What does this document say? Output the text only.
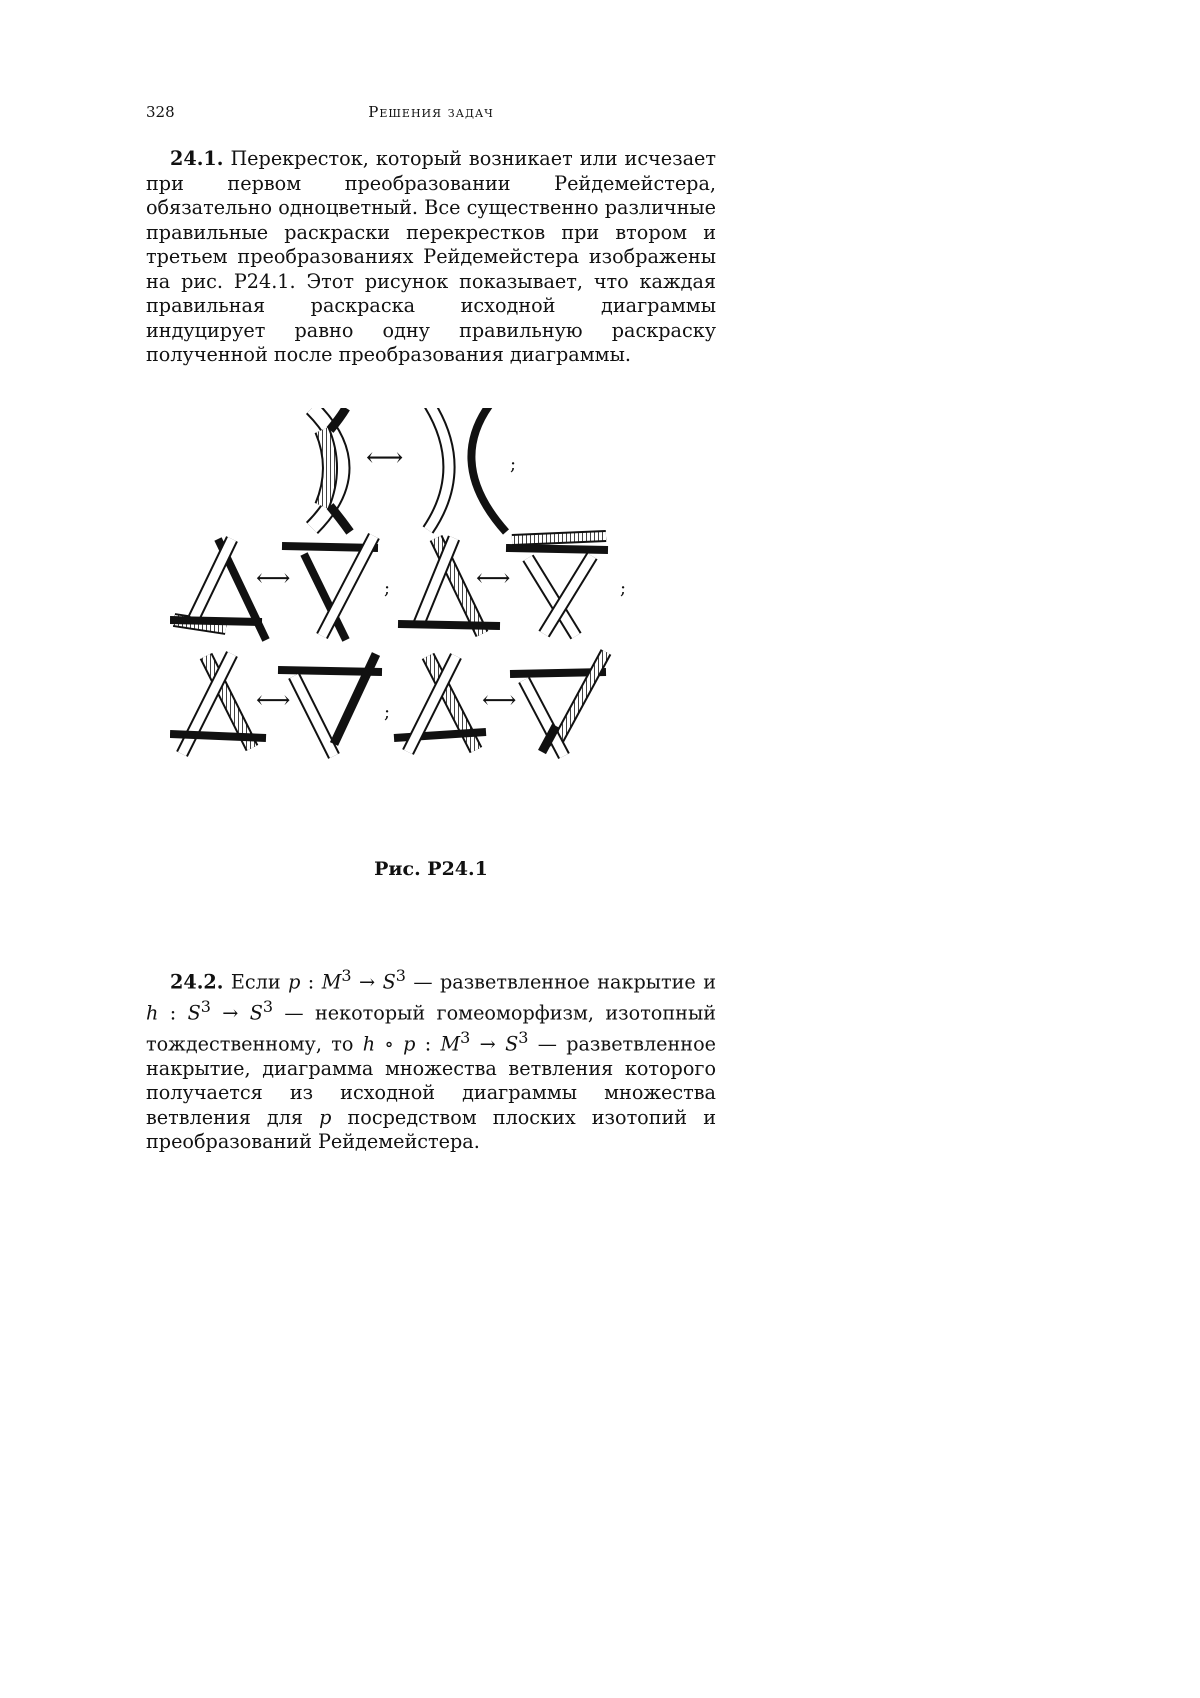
328	Решения задач

24.1. Перекресток, который возникает или исчезает при первом преобразовании Рейдемейстера, обязательно одноцветный. Все существенно различные правильные раскраски перекрестков при втором и третьем преобразованиях Рейдемейстера изображены на рис. P24.1. Этот рисунок показывает, что каждая правильная раскраска исходной диаграммы индуцирует равно одну правильную раскраску полученной после преобразования диаграммы.

⟷	;
⟷	;	⟷	;
⟷	;	⟷
Рис. P24.1

24.2. Если p : $M^3 \to S^3$ — разветвленное накрытие и h : $S^3 \to S^3$ — некоторый гомеоморфизм, изотопный тождественному, то h ∘ p : $M^3 \to S^3$ — разветвленное накрытие, диаграмма множества ветвления которого получается из исходной диаграммы множества ветвления для p посредством плоских изотопий и преобразований Рейдемейстера.
